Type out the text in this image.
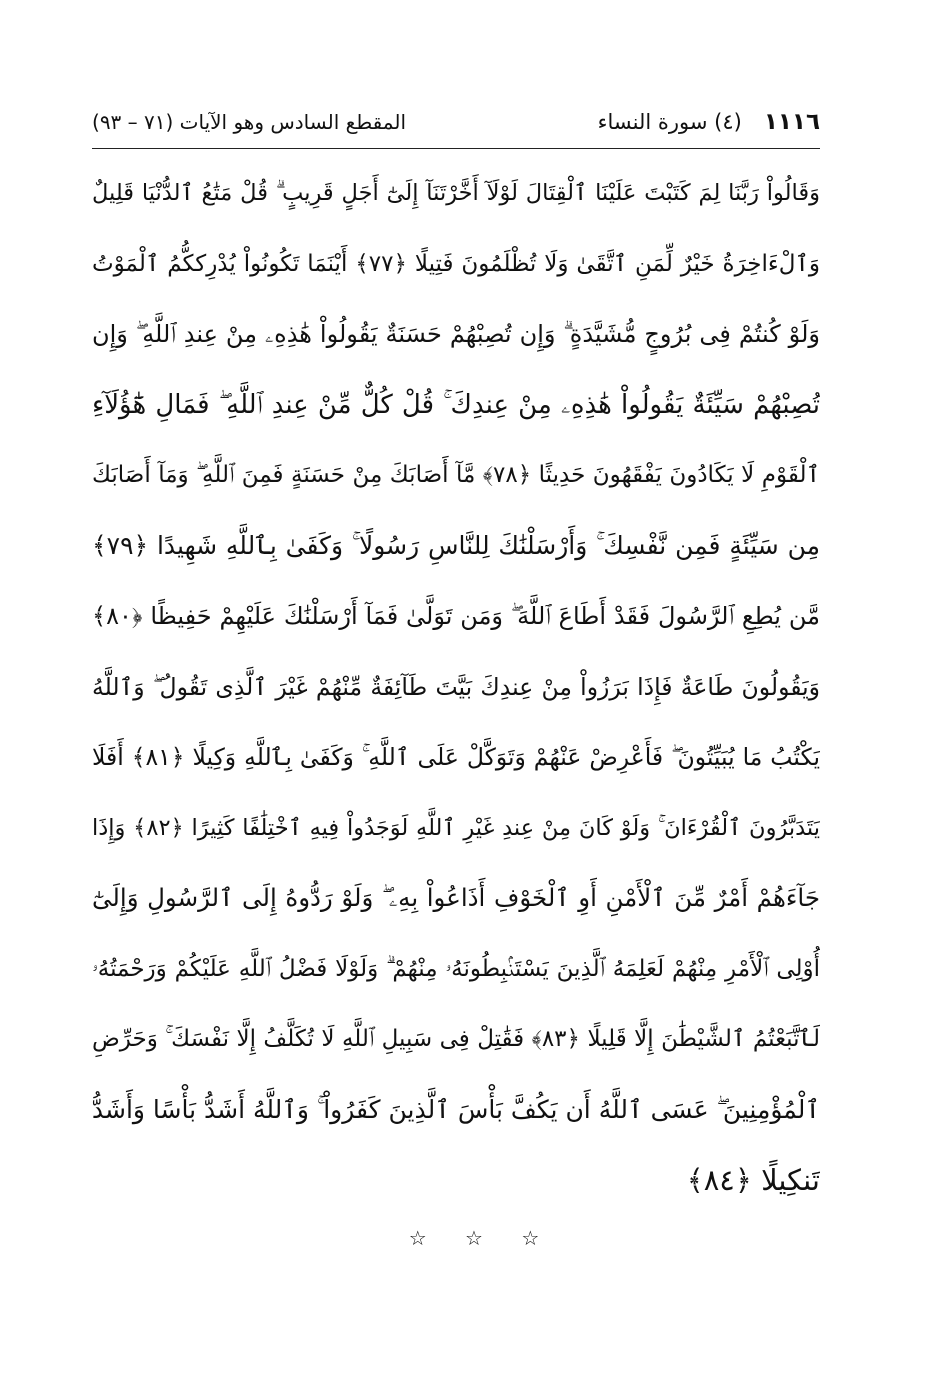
١١١٦(٤) سورة النساء
المقطع السادس وهو الآيات (٧١ – ٩٣)
وَقَالُواْ رَبَّنَا لِمَ كَتَبْتَ عَلَيْنَا ٱلْقِتَالَ لَوْلَآ أَخَّرْتَنَآ إِلَىٰٓ أَجَلٍ قَرِيبٍ ۗ قُلْ مَتَٰعُ ٱلدُّنْيَا قَلِيلٌ
وَٱلْءَاخِرَةُ خَيْرٌ لِّمَنِ ٱتَّقَىٰ وَلَا تُظْلَمُونَ فَتِيلًا ﴿٧٧﴾ أَيْنَمَا تَكُونُواْ يُدْرِككُّمُ ٱلْمَوْتُ
وَلَوْ كُنتُمْ فِى بُرُوجٍ مُّشَيَّدَةٍ ۗ وَإِن تُصِبْهُمْ حَسَنَةٌ يَقُولُواْ هَٰذِهِۦ مِنْ عِندِ ٱللَّهِ ۖ وَإِن
تُصِبْهُمْ سَيِّئَةٌ يَقُولُواْ هَٰذِهِۦ مِنْ عِندِكَ ۚ قُلْ كُلٌّ مِّنْ عِندِ ٱللَّهِ ۖ فَمَالِ هَٰٓؤُلَآءِ
ٱلْقَوْمِ لَا يَكَادُونَ يَفْقَهُونَ حَدِيثًا ﴿٧٨﴾ مَّآ أَصَابَكَ مِنْ حَسَنَةٍ فَمِنَ ٱللَّهِ ۖ وَمَآ أَصَابَكَ
مِن سَيِّئَةٍ فَمِن نَّفْسِكَ ۚ وَأَرْسَلْنَٰكَ لِلنَّاسِ رَسُولًا ۚ وَكَفَىٰ بِٱللَّهِ شَهِيدًا ﴿٧٩﴾
مَّن يُطِعِ ٱلرَّسُولَ فَقَدْ أَطَاعَ ٱللَّهَ ۖ وَمَن تَوَلَّىٰ فَمَآ أَرْسَلْنَٰكَ عَلَيْهِمْ حَفِيظًا ﴿٨٠﴾
وَيَقُولُونَ طَاعَةٌ فَإِذَا بَرَزُواْ مِنْ عِندِكَ بَيَّتَ طَآئِفَةٌ مِّنْهُمْ غَيْرَ ٱلَّذِى تَقُولُ ۖ وَٱللَّهُ
يَكْتُبُ مَا يُبَيِّتُونَ ۖ فَأَعْرِضْ عَنْهُمْ وَتَوَكَّلْ عَلَى ٱللَّهِ ۚ وَكَفَىٰ بِٱللَّهِ وَكِيلًا ﴿٨١﴾ أَفَلَا
يَتَدَبَّرُونَ ٱلْقُرْءَانَ ۚ وَلَوْ كَانَ مِنْ عِندِ غَيْرِ ٱللَّهِ لَوَجَدُواْ فِيهِ ٱخْتِلَٰفًا كَثِيرًا ﴿٨٢﴾ وَإِذَا
جَآءَهُمْ أَمْرٌ مِّنَ ٱلْأَمْنِ أَوِ ٱلْخَوْفِ أَذَاعُواْ بِهِۦ ۖ وَلَوْ رَدُّوهُ إِلَى ٱلرَّسُولِ وَإِلَىٰٓ
أُوْلِى ٱلْأَمْرِ مِنْهُمْ لَعَلِمَهُ ٱلَّذِينَ يَسْتَنۢبِطُونَهُۥ مِنْهُمْ ۗ وَلَوْلَا فَضْلُ ٱللَّهِ عَلَيْكُمْ وَرَحْمَتُهُۥ
لَٱتَّبَعْتُمُ ٱلشَّيْطَٰنَ إِلَّا قَلِيلًا ﴿٨٣﴾ فَقَٰتِلْ فِى سَبِيلِ ٱللَّهِ لَا تُكَلَّفُ إِلَّا نَفْسَكَ ۚ وَحَرِّضِ
ٱلْمُؤْمِنِينَ ۖ عَسَى ٱللَّهُ أَن يَكُفَّ بَأْسَ ٱلَّذِينَ كَفَرُواْ ۚ وَٱللَّهُ أَشَدُّ بَأْسًا وَأَشَدُّ
تَنكِيلًا ﴿٨٤﴾
☆ ☆ ☆
